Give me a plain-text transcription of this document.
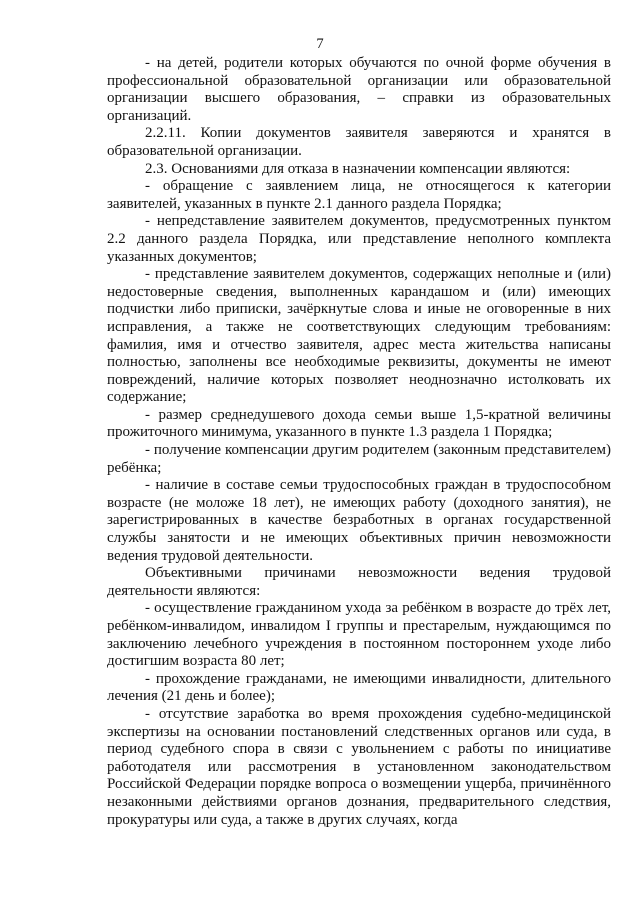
7

- на детей, родители которых обучаются по очной форме обучения в профессиональной образовательной организации или образовательной организации высшего образования, – справки из образовательных организаций.

2.2.11. Копии документов заявителя заверяются и хранятся в образовательной организации.

2.3. Основаниями для отказа в назначении компенсации являются:

- обращение с заявлением лица, не относящегося к категории заявителей, указанных в пункте 2.1 данного раздела Порядка;

- непредставление заявителем документов, предусмотренных пунктом 2.2 данного раздела Порядка, или представление неполного комплекта указанных документов;

- представление заявителем документов, содержащих неполные и (или) недостоверные сведения, выполненных карандашом и (или) имеющих подчистки либо приписки, зачёркнутые слова и иные не оговоренные в них исправления, а также не соответствующих следующим требованиям: фамилия, имя и отчество заявителя, адрес места жительства написаны полностью, заполнены все необходимые реквизиты, документы не имеют повреждений, наличие которых позволяет неоднозначно истолковать их содержание;

- размер среднедушевого дохода семьи выше 1,5-кратной величины прожиточного минимума, указанного в пункте 1.3 раздела 1 Порядка;

- получение компенсации другим родителем (законным представителем) ребёнка;

- наличие в составе семьи трудоспособных граждан в трудоспособном возрасте (не моложе 18 лет), не имеющих работу (доходного занятия), не зарегистрированных в качестве безработных в органах государственной службы занятости и не имеющих объективных причин невозможности ведения трудовой деятельности.

Объективными причинами невозможности ведения трудовой деятельности являются:

- осуществление гражданином ухода за ребёнком в возрасте до трёх лет, ребёнком-инвалидом, инвалидом I группы и престарелым, нуждающимся по заключению лечебного учреждения в постоянном постороннем уходе либо достигшим возраста 80 лет;

- прохождение гражданами, не имеющими инвалидности, длительного лечения (21 день и более);

- отсутствие заработка во время прохождения судебно-медицинской экспертизы на основании постановлений следственных органов или суда, в период судебного спора в связи с увольнением с работы по инициативе работодателя или рассмотрения в установленном законодательством Российской Федерации порядке вопроса о возмещении ущерба, причинённого незаконными действиями органов дознания, предварительного следствия, прокуратуры или суда, а также в других случаях, когда
